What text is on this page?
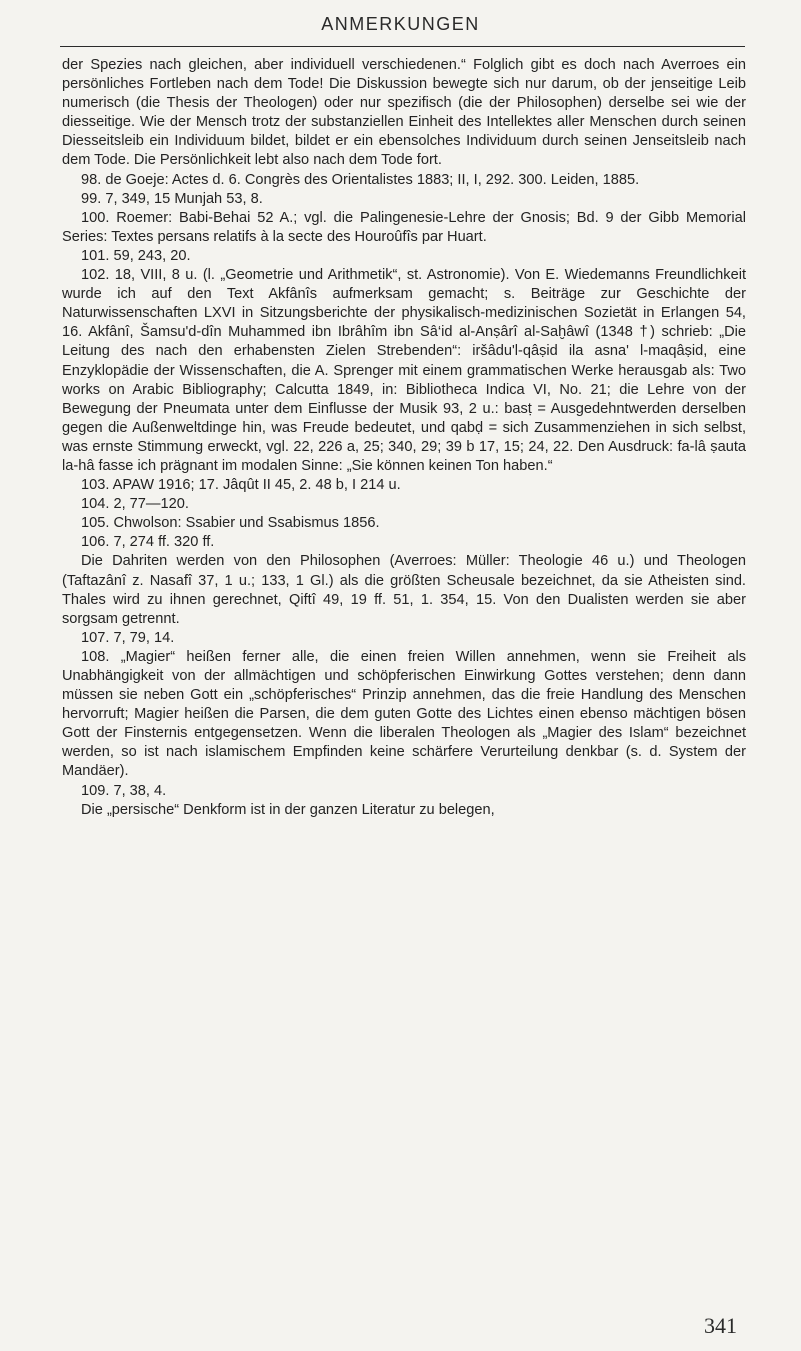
ANMERKUNGEN

der Spezies nach gleichen, aber individuell verschiedenen.“ Folglich gibt es doch nach Averroes ein persönliches Fortleben nach dem Tode! Die Diskussion bewegte sich nur darum, ob der jenseitige Leib numerisch (die Thesis der Theologen) oder nur spezifisch (die der Philosophen) derselbe sei wie der diesseitige. Wie der Mensch trotz der substanziellen Einheit des Intellektes aller Menschen durch seinen Diesseitsleib ein Individuum bildet, bildet er ein ebensolches Individuum durch seinen Jenseitsleib nach dem Tode. Die Persönlichkeit lebt also nach dem Tode fort.

98. de Goeje: Actes d. 6. Congrès des Orientalistes 1883; II, I, 292. 300. Leiden, 1885.

99. 7, 349, 15 Munjah 53, 8.

100. Roemer: Babi-Behai 52 A.; vgl. die Palingenesie-Lehre der Gnosis; Bd. 9 der Gibb Memorial Series: Textes persans relatifs à la secte des Houroûfîs par Huart.

101. 59, 243, 20.

102. 18, VIII, 8 u. (l. „Geometrie und Arithmetik“, st. Astronomie). Von E. Wiedemanns Freundlichkeit wurde ich auf den Text Akfânîs aufmerksam gemacht; s. Beiträge zur Geschichte der Naturwissenschaften LXVI in Sitzungsberichte der physikalisch-medizinischen Sozietät in Erlangen 54, 16. Akfânî, Šamsu'd-dîn Muhammed ibn Ibrâhîm ibn Sâ‘id al-Anṣârî al-Saḫâwî (1348 †) schrieb: „Die Leitung des nach den erhabensten Zielen Strebenden“: iršâdu'l-qâṣid ila asna' l-maqâṣid, eine Enzyklopädie der Wissenschaften, die A. Sprenger mit einem grammatischen Werke herausgab als: Two works on Arabic Bibliography; Calcutta 1849, in: Bibliotheca Indica VI, No. 21; die Lehre von der Bewegung der Pneumata unter dem Einflusse der Musik 93, 2 u.: basṭ = Ausgedehntwerden derselben gegen die Außenweltdinge hin, was Freude bedeutet, und qabḍ = sich Zusammenziehen in sich selbst, was ernste Stimmung erweckt, vgl. 22, 226 a, 25; 340, 29; 39 b 17, 15; 24, 22. Den Ausdruck: fa-lâ ṣauta la-hâ fasse ich prägnant im modalen Sinne: „Sie können keinen Ton haben.“

103. APAW 1916; 17. Jâqût II 45, 2. 48 b, I 214 u.

104. 2, 77—120.

105. Chwolson: Ssabier und Ssabismus 1856.

106. 7, 274 ff. 320 ff.

Die Dahriten werden von den Philosophen (Averroes: Müller: Theologie 46 u.) und Theologen (Taftazânî z. Nasafî 37, 1 u.; 133, 1 Gl.) als die größten Scheusale bezeichnet, da sie Atheisten sind. Thales wird zu ihnen gerechnet, Qiftî 49, 19 ff. 51, 1. 354, 15. Von den Dualisten werden sie aber sorgsam getrennt.

107. 7, 79, 14.

108. „Magier“ heißen ferner alle, die einen freien Willen annehmen, wenn sie Freiheit als Unabhängigkeit von der allmächtigen und schöpferischen Einwirkung Gottes verstehen; denn dann müssen sie neben Gott ein „schöpferisches“ Prinzip annehmen, das die freie Handlung des Menschen hervorruft; Magier heißen die Parsen, die dem guten Gotte des Lichtes einen ebenso mächtigen bösen Gott der Finsternis entgegensetzen. Wenn die liberalen Theologen als „Magier des Islam“ bezeichnet werden, so ist nach islamischem Empfinden keine schärfere Verurteilung denkbar (s. d. System der Mandäer).

109. 7, 38, 4.

Die „persische“ Denkform ist in der ganzen Literatur zu belegen,

341
